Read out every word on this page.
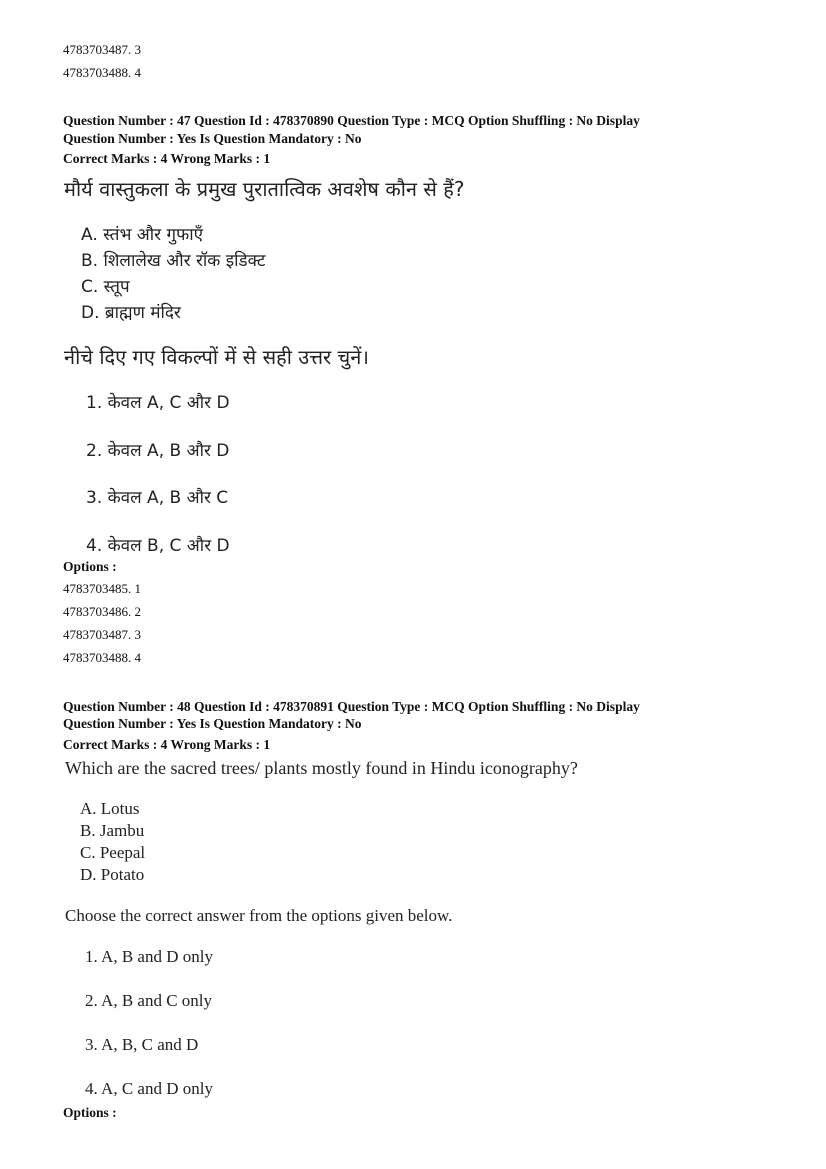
4783703487. 3
4783703488. 4
Question Number : 47 Question Id : 478370890 Question Type : MCQ Option Shuffling : No Display
Question Number : Yes Is Question Mandatory : No
Correct Marks : 4 Wrong Marks : 1
मौर्य वास्तुकला के प्रमुख पुरातात्विक अवशेष कौन से हैं?
A. स्तंभ और गुफाएँ
B. शिलालेख और रॉक इडिक्ट
C. स्तूप
D. ब्राह्मण मंदिर
नीचे दिए गए विकल्पों में से सही उत्तर चुनें।
1. केवल A, C और D
2. केवल A, B और D
3. केवल A, B और C
4. केवल B, C और D
Options :
4783703485. 1
4783703486. 2
4783703487. 3
4783703488. 4
Question Number : 48 Question Id : 478370891 Question Type : MCQ Option Shuffling : No Display
Question Number : Yes Is Question Mandatory : No
Correct Marks : 4 Wrong Marks : 1
Which are the sacred trees/ plants mostly found in Hindu iconography?
A. Lotus
B. Jambu
C. Peepal
D. Potato
Choose the correct answer from the options given below.
1. A, B and D only
2. A, B and C only
3. A, B, C and D
4. A, C and D only
Options :
